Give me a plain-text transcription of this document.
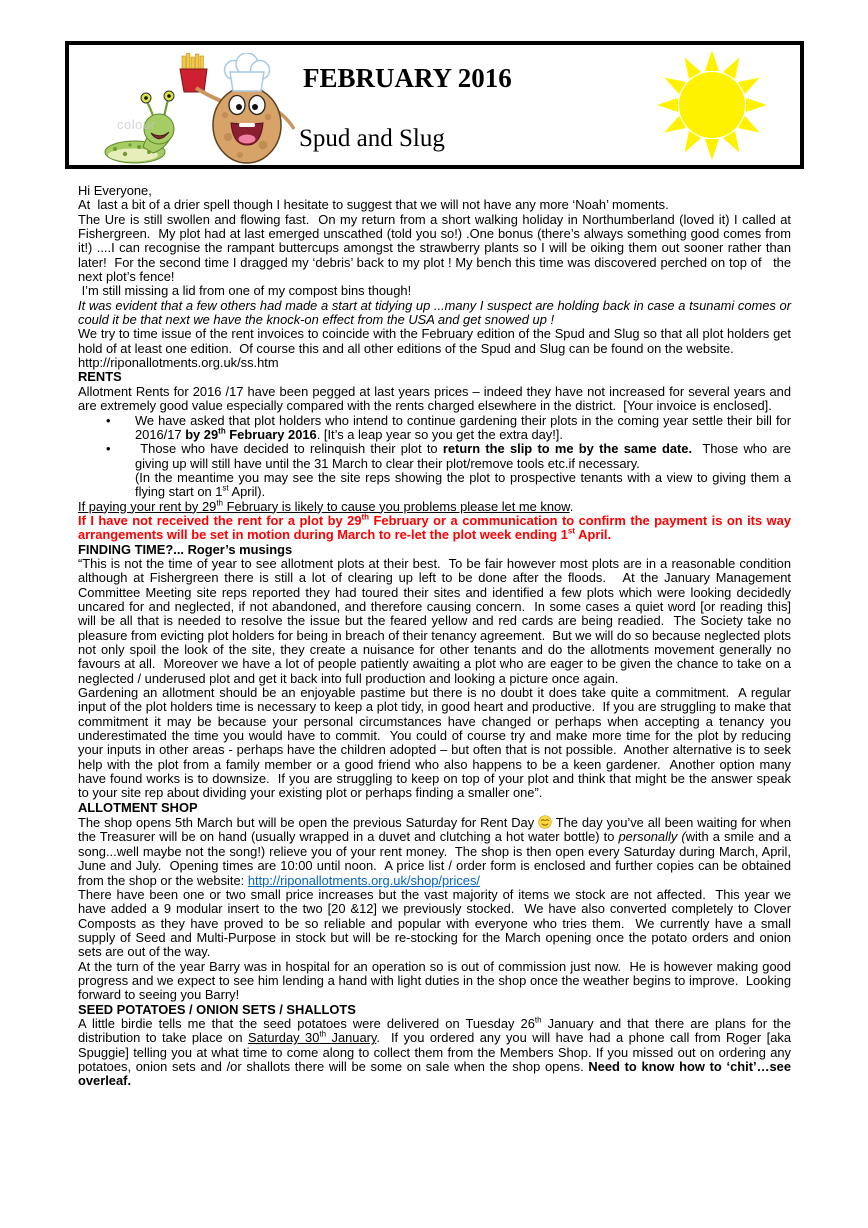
colour
FEBRUARY 2016
Spud and Slug

Hi Everyone,

At  last a bit of a drier spell though I hesitate to suggest that we will not have any more ‘Noah’ moments.

The Ure is still swollen and flowing fast.  On my return from a short walking holiday in Northumberland (loved it) I called at Fishergreen.  My plot had at last emerged unscathed (told you so!) .One bonus (there’s always something good comes from it!) ....I can recognise the rampant buttercups amongst the strawberry plants so I will be oiking them out sooner rather than later!  For the second time I dragged my ‘debris’ back to my plot ! My bench this time was discovered perched on top of   the next plot’s fence!

I’m still missing a lid from one of my compost bins though!

It was evident that a few others had made a start at tidying up ...many I suspect are holding back in case a tsunami comes or could it be that next we have the knock-on effect from the USA and get snowed up !

We try to time issue of the rent invoices to coincide with the February edition of the Spud and Slug so that all plot holders get hold of at least one edition.  Of course this and all other editions of the Spud and Slug can be found on the website.

http://riponallotments.org.uk/ss.htm

RENTS

Allotment Rents for 2016 /17 have been pegged at last years prices – indeed they have not increased for several years and are extremely good value especially compared with the rents charged elsewhere in the district.  [Your invoice is enclosed].

• We have asked that plot holders who intend to continue gardening their plots in the coming year settle their bill for 2016/17 by 29th February 2016. [It’s a leap year so you get the extra day!].
•  Those who have decided to relinquish their plot to return the slip to me by the same date.  Those who are giving up will still have until the 31 March to clear their plot/remove tools etc.if necessary.
(In the meantime you may see the site reps showing the plot to prospective tenants with a view to giving them a flying start on 1st April).

If paying your rent by 29th February is likely to cause you problems please let me know.

If I have not received the rent for a plot by 29th February or a communication to confirm the payment is on its way arrangements will be set in motion during March to re-let the plot week ending 1st April.

FINDING TIME?... Roger’s musings

“This is not the time of year to see allotment plots at their best.  To be fair however most plots are in a reasonable condition although at Fishergreen there is still a lot of clearing up left to be done after the floods.   At the January Management Committee Meeting site reps reported they had toured their sites and identified a few plots which were looking decidedly uncared for and neglected, if not abandoned, and therefore causing concern.  In some cases a quiet word [or reading this] will be all that is needed to resolve the issue but the feared yellow and red cards are being readied.  The Society take no pleasure from evicting plot holders for being in breach of their tenancy agreement.  But we will do so because neglected plots not only spoil the look of the site, they create a nuisance for other tenants and do the allotments movement generally no favours at all.  Moreover we have a lot of people patiently awaiting a plot who are eager to be given the chance to take on a neglected / underused plot and get it back into full production and looking a picture once again.

Gardening an allotment should be an enjoyable pastime but there is no doubt it does take quite a commitment.  A regular input of the plot holders time is necessary to keep a plot tidy, in good heart and productive.  If you are struggling to make that commitment it may be because your personal circumstances have changed or perhaps when accepting a tenancy you underestimated the time you would have to commit.  You could of course try and make more time for the plot by reducing your inputs in other areas - perhaps have the children adopted – but often that is not possible.  Another alternative is to seek help with the plot from a family member or a good friend who also happens to be a keen gardener.  Another option many have found works is to downsize.  If you are struggling to keep on top of your plot and think that might be the answer speak to your site rep about dividing your existing plot or perhaps finding a smaller one”.

ALLOTMENT SHOP

The shop opens 5th March but will be open the previous Saturday for Rent Day  The day you’ve all been waiting for when the Treasurer will be on hand (usually wrapped in a duvet and clutching a hot water bottle) to personally (with a smile and a song...well maybe not the song!) relieve you of your rent money.  The shop is then open every Saturday during March, April, June and July.  Opening times are 10:00 until noon.  A price list / order form is enclosed and further copies can be obtained from the shop or the website: http://riponallotments.org.uk/shop/prices/

There have been one or two small price increases but the vast majority of items we stock are not affected.  This year we have added a 9 modular insert to the two [20 &12] we previously stocked.  We have also converted completely to Clover Composts as they have proved to be so reliable and popular with everyone who tries them.  We currently have a small supply of Seed and Multi-Purpose in stock but will be re-stocking for the March opening once the potato orders and onion sets are out of the way.

At the turn of the year Barry was in hospital for an operation so is out of commission just now.  He is however making good progress and we expect to see him lending a hand with light duties in the shop once the weather begins to improve.  Looking forward to seeing you Barry!

SEED POTATOES / ONION SETS / SHALLOTS

A little birdie tells me that the seed potatoes were delivered on Tuesday 26th January and that there are plans for the distribution to take place on Saturday 30th January.  If you ordered any you will have had a phone call from Roger [aka Spuggie] telling you at what time to come along to collect them from the Members Shop. If you missed out on ordering any potatoes, onion sets and /or shallots there will be some on sale when the shop opens. Need to know how to ‘chit’…see overleaf.
